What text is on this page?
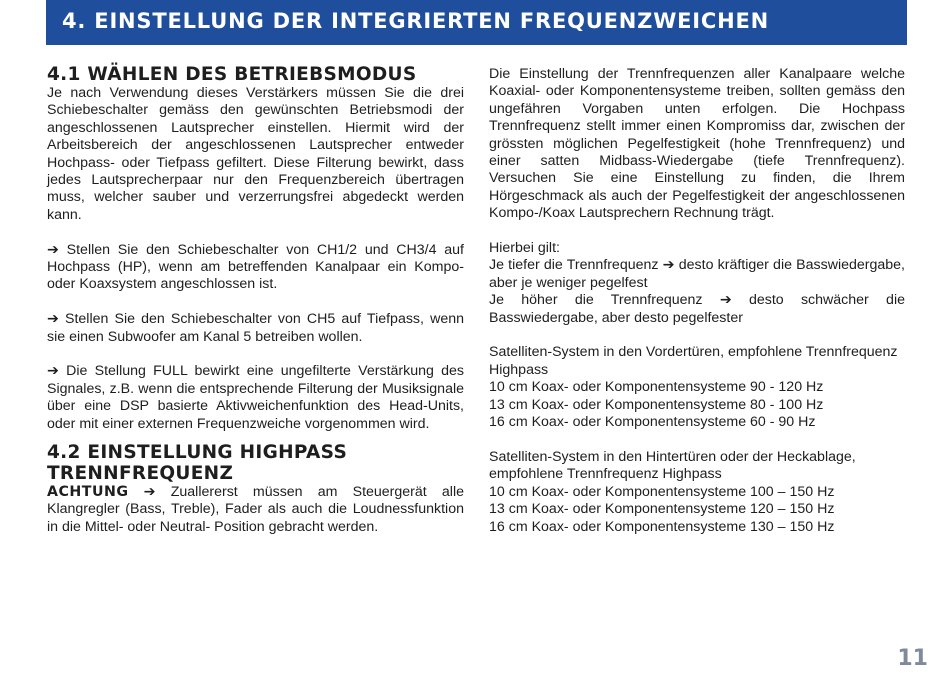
4. EINSTELLUNG DER INTEGRIERTEN FREQUENZWEICHEN
4.1 WÄHLEN DES BETRIEBSMODUS

Je nach Verwendung dieses Verstärkers müssen Sie die drei Schiebeschalter gemäss den gewünschten Betriebsmodi der angeschlossenen Lautsprecher einstellen. Hiermit wird der Arbeitsbereich der angeschlossenen Lautsprecher entweder Hochpass- oder Tiefpass gefiltert. Diese Filterung bewirkt, dass jedes Lautsprecherpaar nur den Frequenzbereich übertragen muss, welcher sauber und verzerrungsfrei abgedeckt werden kann.

➔ Stellen Sie den Schiebeschalter von CH1/2 und CH3/4 auf Hochpass (HP), wenn am betreffenden Kanalpaar ein Kompo- oder Koaxsystem angeschlossen ist.

➔ Stellen Sie den Schiebeschalter von CH5 auf Tiefpass, wenn sie einen Subwoofer am Kanal 5 betreiben wollen.

➔ Die Stellung FULL bewirkt eine ungefilterte Verstärkung des Signales, z.B. wenn die entsprechende Filterung der Musiksignale über eine DSP basierte Aktivweichenfunktion des Head-Units, oder mit einer externen Frequenzweiche vorgenommen wird.

4.2 EINSTELLUNG HIGHPASS TRENNFREQUENZ

ACHTUNG ➔ Zuallererst müssen am Steuergerät alle Klangregler (Bass, Treble), Fader als auch die Loudnessfunktion in die Mittel- oder Neutral- Position gebracht werden.

Die Einstellung der Trennfrequenzen aller Kanalpaare welche Koaxial- oder Komponentensysteme treiben, sollten gemäss den ungefähren Vorgaben unten erfolgen. Die Hochpass Trennfrequenz stellt immer einen Kompromiss dar, zwischen der grössten möglichen Pegelfestigkeit (hohe Trennfrequenz) und einer satten Midbass-Wiedergabe (tiefe Trennfrequenz). Versuchen Sie eine Einstellung zu finden, die Ihrem Hörgeschmack als auch der Pegelfestigkeit der angeschlossenen Kompo-/Koax Lautsprechern Rechnung trägt.

Hierbei gilt:

Je tiefer die Trennfrequenz ➔ desto kräftiger die Basswiedergabe, aber je weniger pegelfest

Je höher die Trennfrequenz ➔ desto schwächer die Basswiedergabe, aber desto pegelfester

Satelliten-System in den Vordertüren, empfohlene Trennfrequenz Highpass

10 cm Koax- oder Komponentensysteme 90 - 120 Hz

13 cm Koax- oder Komponentensysteme 80 - 100 Hz

16 cm Koax- oder Komponentensysteme 60 - 90 Hz

Satelliten-System in den Hintertüren oder der Heckablage, empfohlene Trennfrequenz Highpass

10 cm Koax- oder Komponentensysteme 100 – 150 Hz

13 cm Koax- oder Komponentensysteme 120 – 150 Hz

16 cm Koax- oder Komponentensysteme 130 – 150 Hz

11
